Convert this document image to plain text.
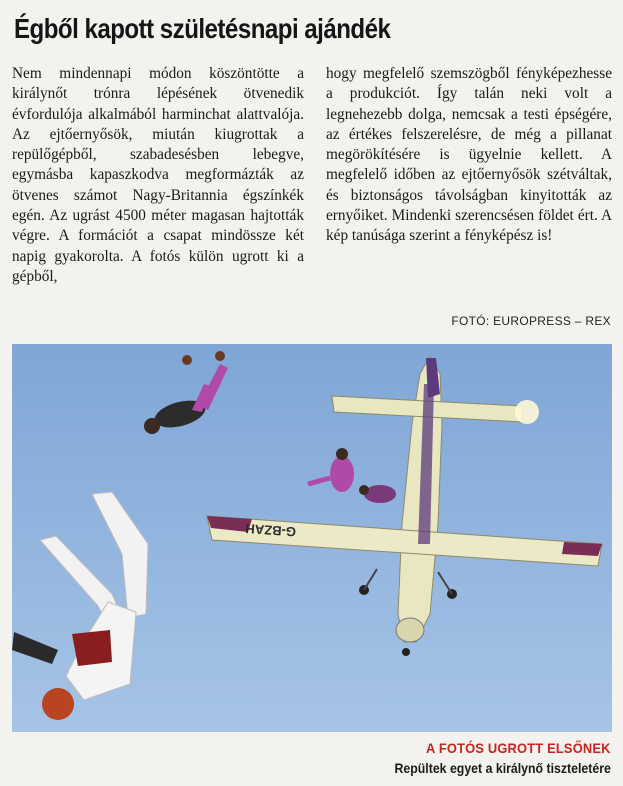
Égből kapott születésnapi ajándék

Nem mindennapi módon köszöntötte a királynőt trónra lépésének ötvenedik évfordulója alkalmából harminchat alattvalója. Az ejtőernyősök, miután kiugrottak a repülőgépből, szabadesésben lebegve, egymásba kapaszkodva megformázták az ötvenes számot Nagy-Britannia égszínkék egén. Az ugrást 4500 méter magasan hajtották végre. A formációt a csapat mindössze két napig gyakorolta. A fotós külön ugrott ki a gépből,

hogy megfelelő szemszögből fényképezhesse a produkciót. Így talán neki volt a legnehezebb dolga, nemcsak a testi épségére, az értékes felszerelésre, de még a pillanat megörökítésére is ügyelnie kellett. A megfelelő időben az ejtőernyősök szétváltak, és biztonságos távolságban kinyitották az ernyőiket. Mindenki szerencsésen földet ért. A kép tanúsága szerint a fényképész is!

FOTÓ: EUROPRESS – REX
G-BZAH
A FOTÓS UGROTT ELSŐNEK
Repültek egyet a királynő tiszteletére
